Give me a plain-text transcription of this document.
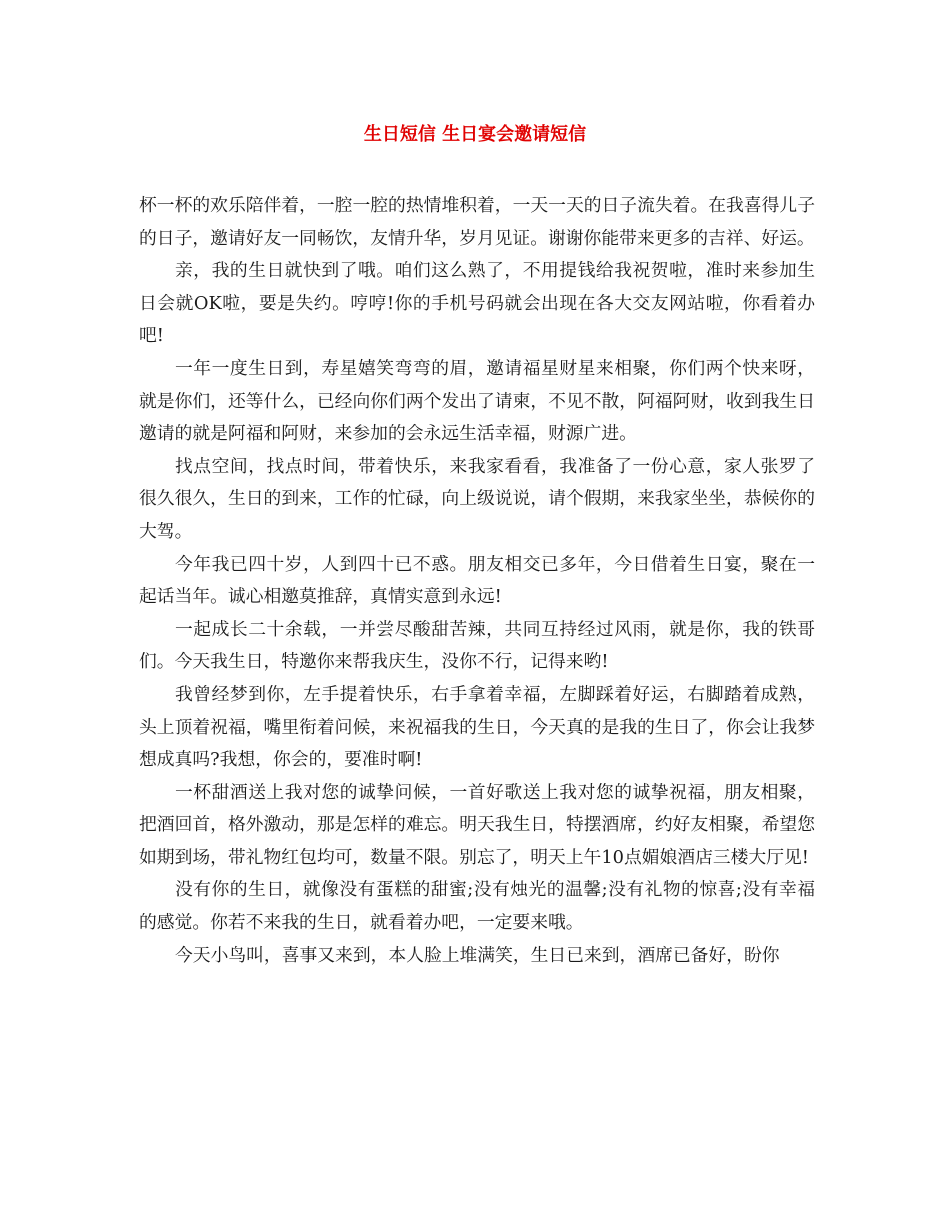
生日短信 生日宴会邀请短信

杯一杯的欢乐陪伴着，一腔一腔的热情堆积着，一天一天的日子流失着。在我喜得儿子的日子，邀请好友一同畅饮，友情升华，岁月见证。谢谢你能带来更多的吉祥、好运。

亲，我的生日就快到了哦。咱们这么熟了，不用提钱给我祝贺啦，准时来参加生日会就OK啦，要是失约。哼哼!你的手机号码就会出现在各大交友网站啦，你看着办吧!

一年一度生日到，寿星嬉笑弯弯的眉，邀请福星财星来相聚，你们两个快来呀，就是你们，还等什么，已经向你们两个发出了请柬，不见不散，阿福阿财，收到我生日邀请的就是阿福和阿财，来参加的会永远生活幸福，财源广进。

找点空间，找点时间，带着快乐，来我家看看，我准备了一份心意，家人张罗了很久很久，生日的到来，工作的忙碌，向上级说说，请个假期，来我家坐坐，恭候你的大驾。

今年我已四十岁，人到四十已不惑。朋友相交已多年，今日借着生日宴，聚在一起话当年。诚心相邀莫推辞，真情实意到永远!

一起成长二十余载，一并尝尽酸甜苦辣，共同互持经过风雨，就是你，我的铁哥们。今天我生日，特邀你来帮我庆生，没你不行，记得来哟!

我曾经梦到你，左手提着快乐，右手拿着幸福，左脚踩着好运，右脚踏着成熟，头上顶着祝福，嘴里衔着问候，来祝福我的生日，今天真的是我的生日了，你会让我梦想成真吗?我想，你会的，要准时啊!

一杯甜酒送上我对您的诚挚问候，一首好歌送上我对您的诚挚祝福，朋友相聚，把酒回首，格外激动，那是怎样的难忘。明天我生日，特摆酒席，约好友相聚，希望您如期到场，带礼物红包均可，数量不限。别忘了，明天上午10点媚娘酒店三楼大厅见!

没有你的生日，就像没有蛋糕的甜蜜;没有烛光的温馨;没有礼物的惊喜;没有幸福的感觉。你若不来我的生日，就看着办吧，一定要来哦。

今天小鸟叫，喜事又来到，本人脸上堆满笑，生日已来到，酒席已备好，盼你
